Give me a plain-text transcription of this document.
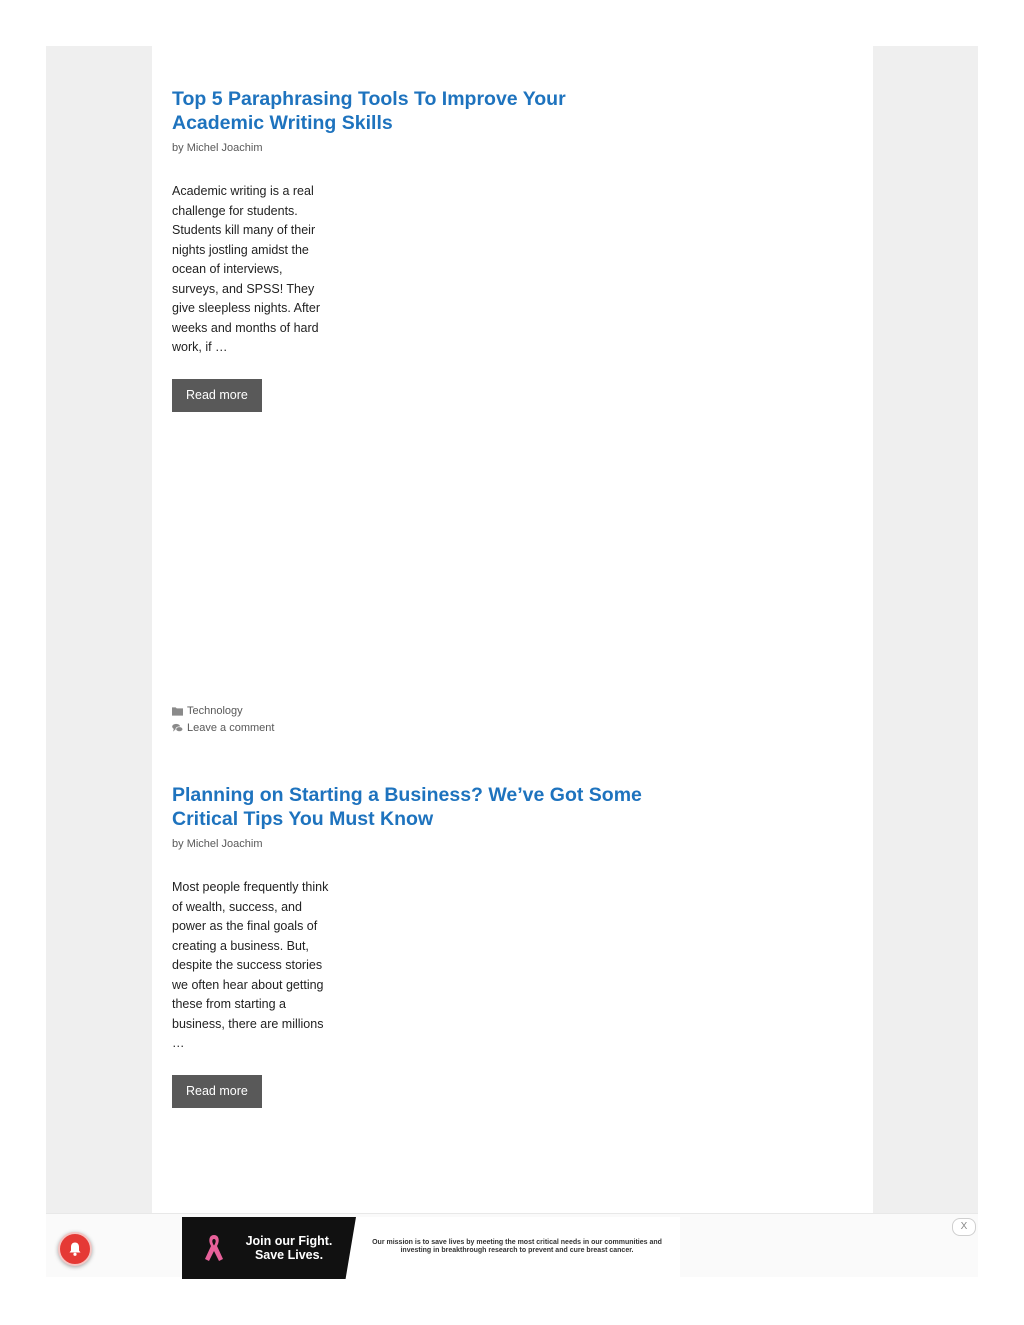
Top 5 Paraphrasing Tools To Improve Your Academic Writing Skills
by Michel Joachim

Academic writing is a real challenge for students. Students kill many of their nights jostling amidst the ocean of interviews, surveys, and SPSS! They give sleepless nights. After weeks and months of hard work, if …

Read more
Technology
Leave a comment
Planning on Starting a Business? We’ve Got Some Critical Tips You Must Know
by Michel Joachim

Most people frequently think of wealth, success, and power as the final goals of creating a business. But, despite the success stories we often hear about getting these from starting a business, there are millions …

Read more
Join our Fight.
Save Lives.
Our mission is to save lives by meeting the most critical needs in our communities and investing in breakthrough research to prevent and cure breast cancer.
X
